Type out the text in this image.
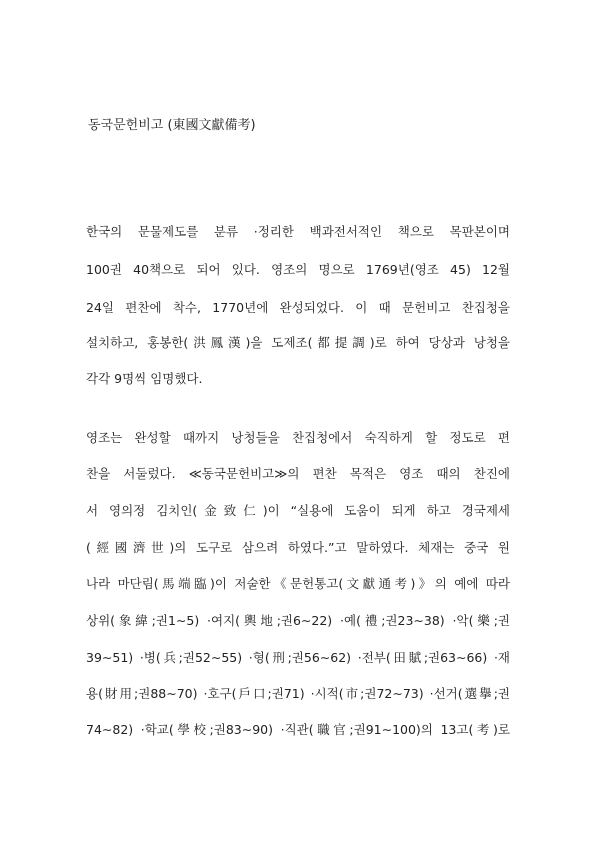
동국문헌비고 (東國文獻備考)
한국의 문물제도를 분류 ·정리한 백과전서적인 책으로 목판본이며
100권 40책으로 되어 있다. 영조의 명으로 1769년(영조 45) 12월
24일 편찬에 착수, 1770년에 완성되었다. 이 때 문헌비고 찬집청을
설치하고, 홍봉한(洪鳳漢)을 도제조(都提調)로 하여 당상과 낭청을
각각 9명씩 임명했다.
영조는 완성할 때까지 낭청들을 찬집청에서 숙직하게 할 정도로 편
찬을 서둘렀다. ≪동국문헌비고≫의 편찬 목적은 영조 때의 찬진에
서 영의정 김치인(金致仁)이 “실용에 도움이 되게 하고 경국제세
(經國濟世)의 도구로 삼으려 하였다.”고 말하였다. 체재는 중국 원
나라 마단림(馬端臨)이 저술한《문헌통고(文獻通考)》의 예에 따라
상위(象緯;권1∼5) ·여지(輿地;권6∼22) ·예(禮;권23∼38) ·악(樂;권
39∼51) ·병(兵;권52∼55) ·형(刑;권56∼62) ·전부(田賦;권63∼66) ·재
용(財用;권88∼70) ·호구(戶口;권71) ·시적(市;권72∼73) ·선거(選擧;권
74∼82) ·학교(學校;권83∼90) ·직관(職官;권91∼100)의 13고(考)로
